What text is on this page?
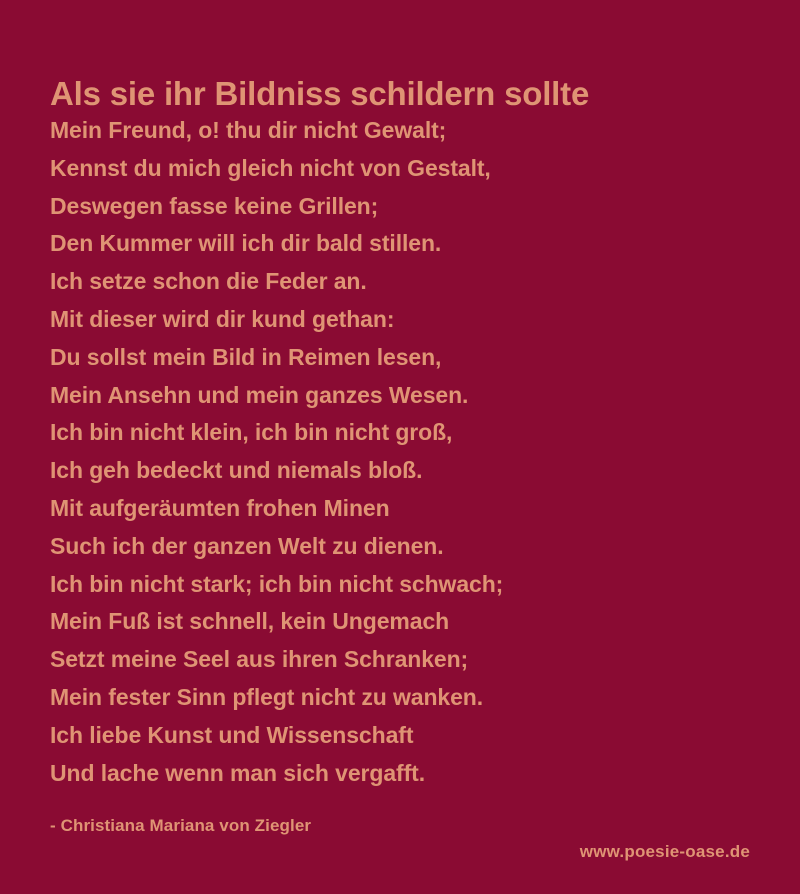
Als sie ihr Bildniss schildern sollte
Mein Freund, o! thu dir nicht Gewalt;
Kennst du mich gleich nicht von Gestalt,
Deswegen fasse keine Grillen;
Den Kummer will ich dir bald stillen.
Ich setze schon die Feder an.
Mit dieser wird dir kund gethan:
Du sollst mein Bild in Reimen lesen,
Mein Ansehn und mein ganzes Wesen.
Ich bin nicht klein, ich bin nicht groß,
Ich geh bedeckt und niemals bloß.
Mit aufgeräumten frohen Minen
Such ich der ganzen Welt zu dienen.
Ich bin nicht stark; ich bin nicht schwach;
Mein Fuß ist schnell, kein Ungemach
Setzt meine Seel aus ihren Schranken;
Mein fester Sinn pflegt nicht zu wanken.
Ich liebe Kunst und Wissenschaft
Und lache wenn man sich vergafft.
- Christiana Mariana von Ziegler
www.poesie-oase.de
